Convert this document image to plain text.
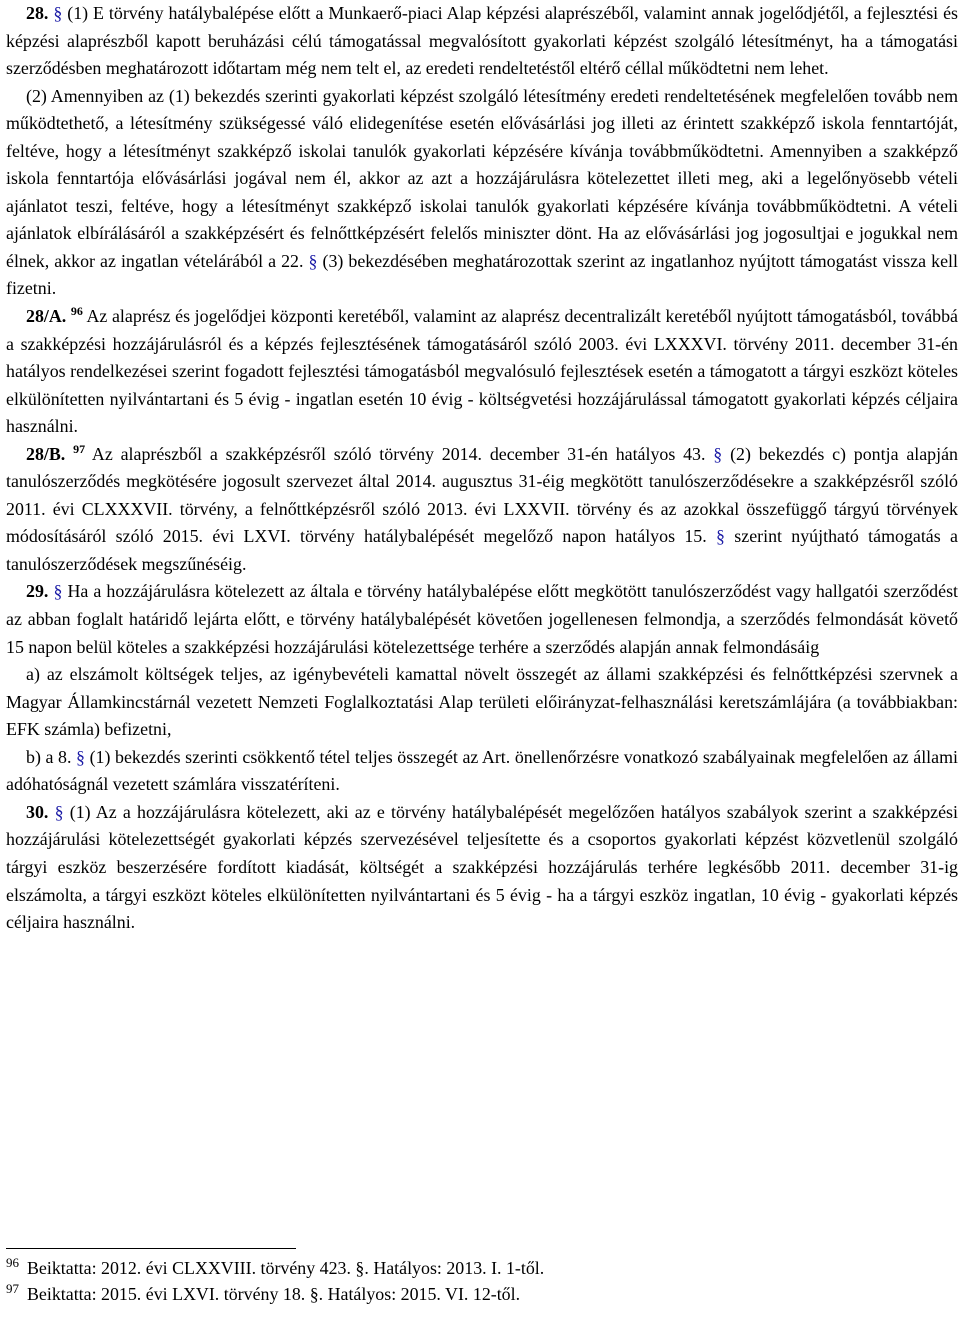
28. § (1) E törvény hatálybalépése előtt a Munkaerő-piaci Alap képzési alaprészéből, valamint annak jogelődjétől, a fejlesztési és képzési alaprészből kapott beruházási célú támogatással megvalósított gyakorlati képzést szolgáló létesítményt, ha a támogatási szerződésben meghatározott időtartam még nem telt el, az eredeti rendeltetéstől eltérő céllal működtetni nem lehet.

(2) Amennyiben az (1) bekezdés szerinti gyakorlati képzést szolgáló létesítmény eredeti rendeltetésének megfelelően tovább nem működtethető, a létesítmény szükségessé váló elidegenítése esetén elővásárlási jog illeti az érintett szakképző iskola fenntartóját, feltéve, hogy a létesítményt szakképző iskolai tanulók gyakorlati képzésére kívánja továbbműködtetni. Amennyiben a szakképző iskola fenntartója elővásárlási jogával nem él, akkor az azt a hozzájárulásra kötelezettet illeti meg, aki a legelőnyösebb vételi ajánlatot teszi, feltéve, hogy a létesítményt szakképző iskolai tanulók gyakorlati képzésére kívánja továbbműködtetni. A vételi ajánlatok elbírálásáról a szakképzésért és felnőttképzésért felelős miniszter dönt. Ha az elővásárlási jog jogosultjai e jogukkal nem élnek, akkor az ingatlan vételárából a 22. § (3) bekezdésében meghatározottak szerint az ingatlanhoz nyújtott támogatást vissza kell fizetni.

28/A. $^{96}$ Az alaprész és jogelődjei központi keretéből, valamint az alaprész decentralizált keretéből nyújtott támogatásból, továbbá a szakképzési hozzájárulásról és a képzés fejlesztésének támogatásáról szóló 2003. évi LXXXVI. törvény 2011. december 31-én hatályos rendelkezései szerint fogadott fejlesztési támogatásból megvalósuló fejlesztések esetén a támogatott a tárgyi eszközt köteles elkülönítetten nyilvántartani és 5 évig - ingatlan esetén 10 évig - költségvetési hozzájárulással támogatott gyakorlati képzés céljaira használni.

28/B. $^{97}$ Az alaprészből a szakképzésről szóló törvény 2014. december 31-én hatályos 43. § (2) bekezdés c) pontja alapján tanulószerződés megkötésére jogosult szervezet által 2014. augusztus 31-éig megkötött tanulószerződésekre a szakképzésről szóló 2011. évi CLXXXVII. törvény, a felnőttképzésről szóló 2013. évi LXXVII. törvény és az azokkal összefüggő tárgyú törvények módosításáról szóló 2015. évi LXVI. törvény hatálybalépését megelőző napon hatályos 15. § szerint nyújtható támogatás a tanulószerződések megszűnéséig.

29. § Ha a hozzájárulásra kötelezett az általa e törvény hatálybalépése előtt megkötött tanulószerződést vagy hallgatói szerződést az abban foglalt határidő lejárta előtt, e törvény hatálybalépését követően jogellenesen felmondja, a szerződés felmondását követő 15 napon belül köteles a szakképzési hozzájárulási kötelezettsége terhére a szerződés alapján annak felmondásáig

a) az elszámolt költségek teljes, az igénybevételi kamattal növelt összegét az állami szakképzési és felnőttképzési szervnek a Magyar Államkincstárnál vezetett Nemzeti Foglalkoztatási Alap területi előirányzat-felhasználási keretszámlájára (a továbbiakban: EFK számla) befizetni,

b) a 8. § (1) bekezdés szerinti csökkentő tétel teljes összegét az Art. önellenőrzésre vonatkozó szabályainak megfelelően az állami adóhatóságnál vezetett számlára visszatéríteni.

30. § (1) Az a hozzájárulásra kötelezett, aki az e törvény hatálybalépését megelőzően hatályos szabályok szerint a szakképzési hozzájárulási kötelezettségét gyakorlati képzés szervezésével teljesítette és a csoportos gyakorlati képzést közvetlenül szolgáló tárgyi eszköz beszerzésére fordított kiadását, költségét a szakképzési hozzájárulás terhére legkésőbb 2011. december 31-ig elszámolta, a tárgyi eszközt köteles elkülönítetten nyilvántartani és 5 évig - ha a tárgyi eszköz ingatlan, 10 évig - gyakorlati képzés céljaira használni.

$^{96}$ Beiktatta: 2012. évi CLXXVIII. törvény 423. §. Hatályos: 2013. I. 1-től.
$^{97}$ Beiktatta: 2015. évi LXVI. törvény 18. §. Hatályos: 2015. VI. 12-től.
